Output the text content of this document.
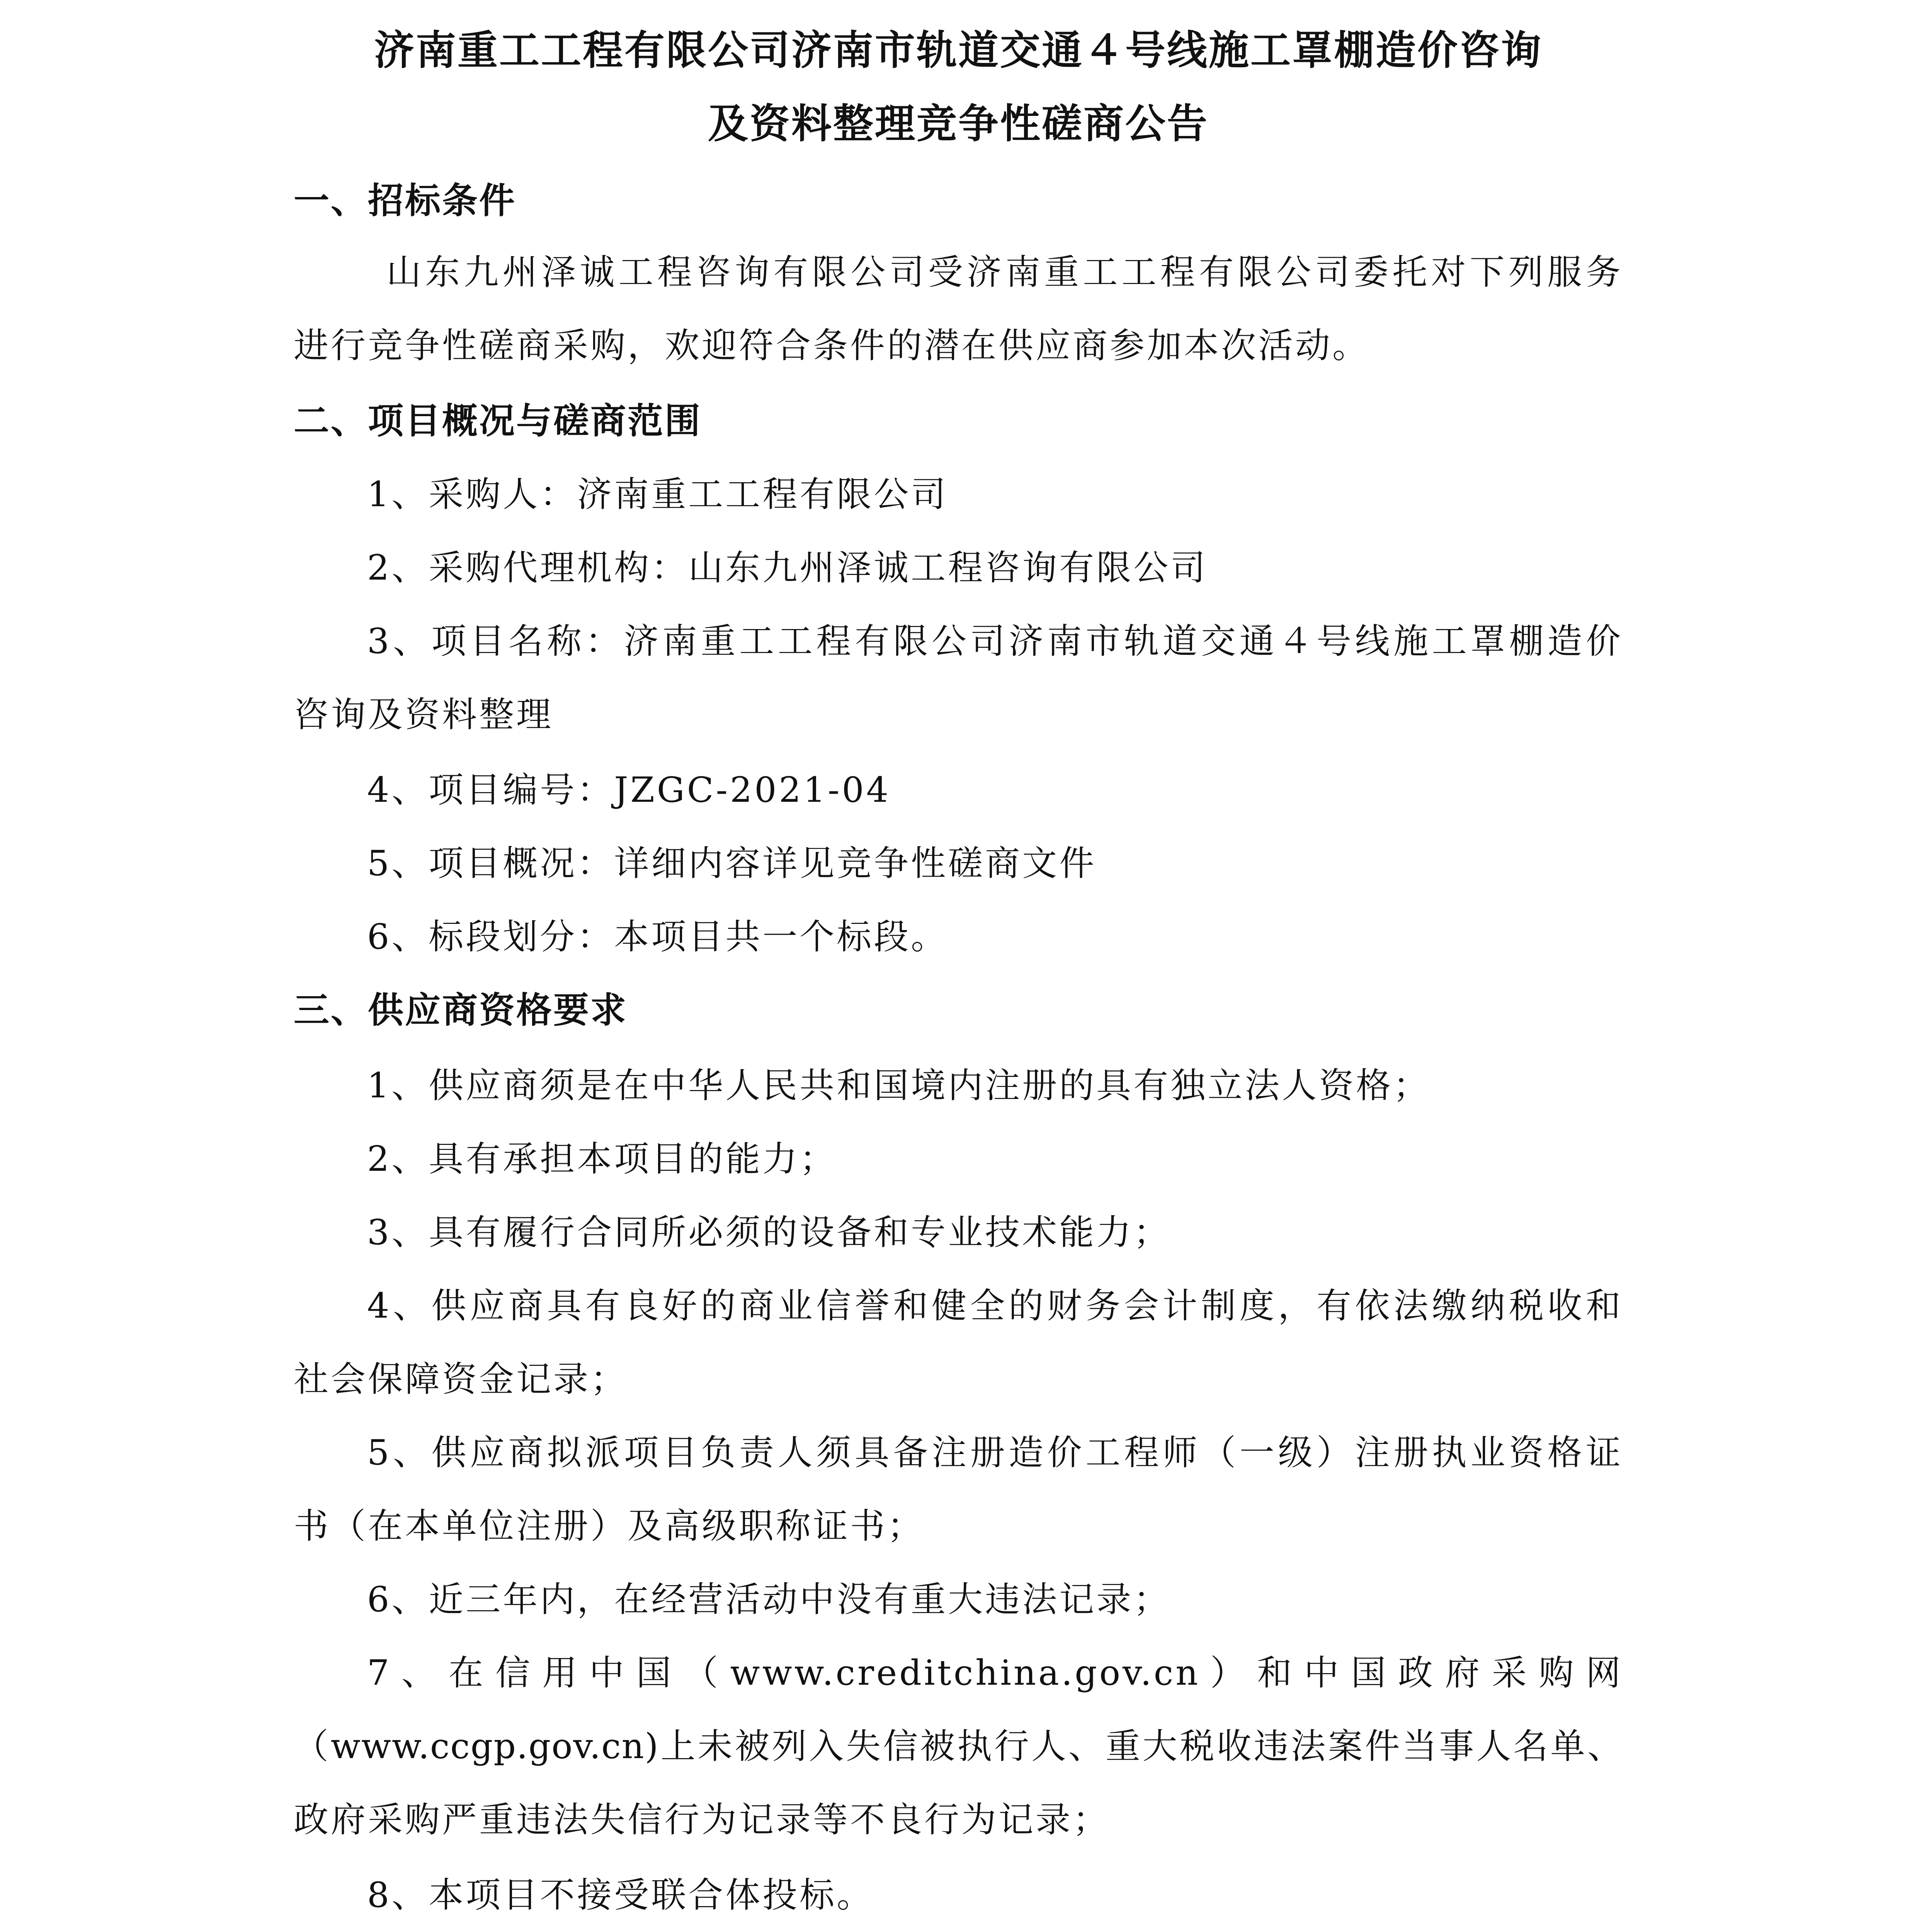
济南重工工程有限公司济南市轨道交通４号线施工罩棚造价咨询
及资料整理竞争性磋商公告
一、招标条件
山东九州泽诚工程咨询有限公司受济南重工工程有限公司委托对下列服务
进行竞争性磋商采购，欢迎符合条件的潜在供应商参加本次活动。
二、项目概况与磋商范围
1、采购人：济南重工工程有限公司
2、采购代理机构：山东九州泽诚工程咨询有限公司
3、项目名称：济南重工工程有限公司济南市轨道交通４号线施工罩棚造价
咨询及资料整理
4、项目编号：JZGC-2021-04
5、项目概况：详细内容详见竞争性磋商文件
6、标段划分：本项目共一个标段。
三、供应商资格要求
1、供应商须是在中华人民共和国境内注册的具有独立法人资格；
2、具有承担本项目的能力；
3、具有履行合同所必须的设备和专业技术能力；
4、供应商具有良好的商业信誉和健全的财务会计制度，有依法缴纳税收和
社会保障资金记录；
5、供应商拟派项目负责人须具备注册造价工程师（一级）注册执业资格证
书（在本单位注册）及高级职称证书；
6、近三年内，在经营活动中没有重大违法记录；
7、在信用中国（www.creditchina.gov.cn）和中国政府采购网
（www.ccgp.gov.cn)上未被列入失信被执行人、重大税收违法案件当事人名单、
政府采购严重违法失信行为记录等不良行为记录；
8、本项目不接受联合体投标。
